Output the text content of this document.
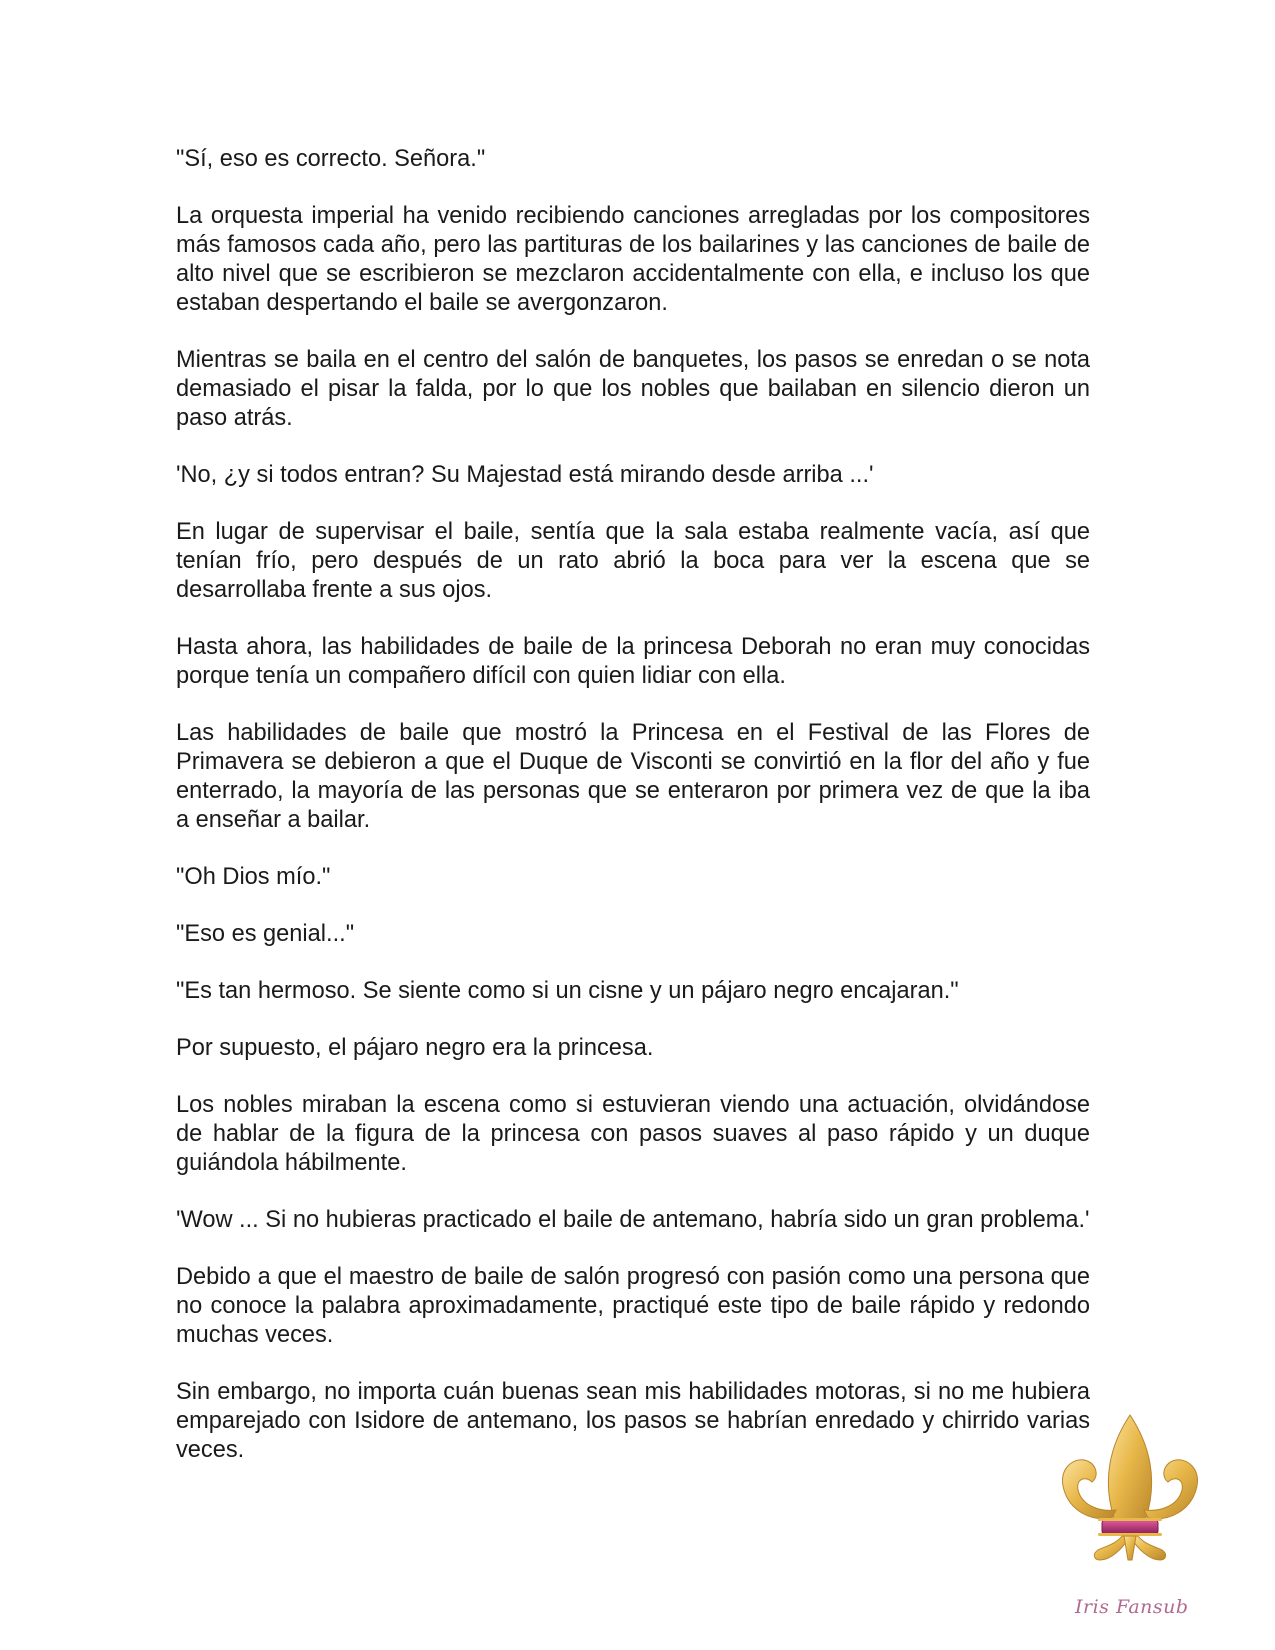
"Sí, eso es correcto. Señora."

La orquesta imperial ha venido recibiendo canciones arregladas por los compositores más famosos cada año, pero las partituras de los bailarines y las canciones de baile de alto nivel que se escribieron se mezclaron accidentalmente con ella, e incluso los que estaban despertando el baile se avergonzaron.

Mientras se baila en el centro del salón de banquetes, los pasos se enredan o se nota demasiado el pisar la falda, por lo que los nobles que bailaban en silencio dieron un paso atrás.

'No, ¿y si todos entran? Su Majestad está mirando desde arriba ...'

En lugar de supervisar el baile, sentía que la sala estaba realmente vacía, así que tenían frío, pero después de un rato abrió la boca para ver la escena que se desarrollaba frente a sus ojos.

Hasta ahora, las habilidades de baile de la princesa Deborah no eran muy conocidas porque tenía un compañero difícil con quien lidiar con ella.

Las habilidades de baile que mostró la Princesa en el Festival de las Flores de Primavera se debieron a que el Duque de Visconti se convirtió en la flor del año y fue enterrado, la mayoría de las personas que se enteraron por primera vez de que la iba a enseñar a bailar.

"Oh Dios mío."

"Eso es genial..."

"Es tan hermoso. Se siente como si un cisne y un pájaro negro encajaran."

Por supuesto, el pájaro negro era la princesa.

Los nobles miraban la escena como si estuvieran viendo una actuación, olvidándose de hablar de la figura de la princesa con pasos suaves al paso rápido y un duque guiándola hábilmente.

'Wow ... Si no hubieras practicado el baile de antemano, habría sido un gran problema.'

Debido a que el maestro de baile de salón progresó con pasión como una persona que no conoce la palabra aproximadamente, practiqué este tipo de baile rápido y redondo muchas veces.

Sin embargo, no importa cuán buenas sean mis habilidades motoras, si no me hubiera emparejado con Isidore de antemano, los pasos se habrían enredado y chirrido varias veces.

Iris Fansub
